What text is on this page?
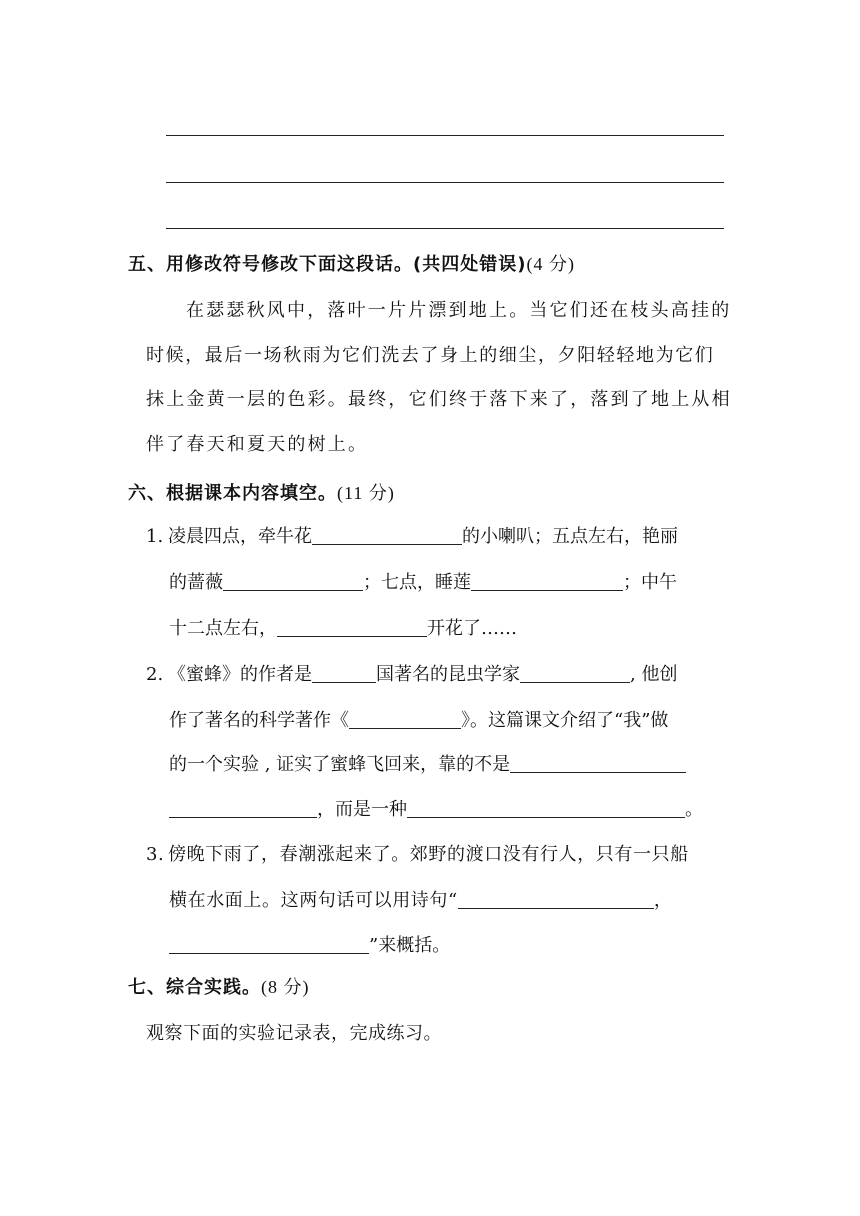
五、用修改符号修改下面这段话。(共四处错误)(4 分)
在瑟瑟秋风中，落叶一片片漂到地上。当它们还在枝头高挂的
时候，最后一场秋雨为它们洗去了身上的细尘，夕阳轻轻地为它们
抹上金黄一层的色彩。最终，它们终于落下来了，落到了地上从相
伴了春天和夏天的树上。
六、根据课本内容填空。(11 分)
1. 凌晨四点，牵牛花	的小喇叭；五点左右，艳丽
的蔷薇	；七点，睡莲	；中午
十二点左右，	开花了……
2. 《蜜蜂》的作者是	国著名的昆虫学家	, 他创
作了著名的科学著作《	》。这篇课文介绍了“我”做
的一个实验 , 证实了蜜蜂飞回来，靠的不是
，而是一种	。
3. 傍晚下雨了，春潮涨起来了。郊野的渡口没有行人，只有一只船
横在水面上。这两句话可以用诗句“	，
”来概括。
七、综合实践。(8 分)
观察下面的实验记录表，完成练习。
